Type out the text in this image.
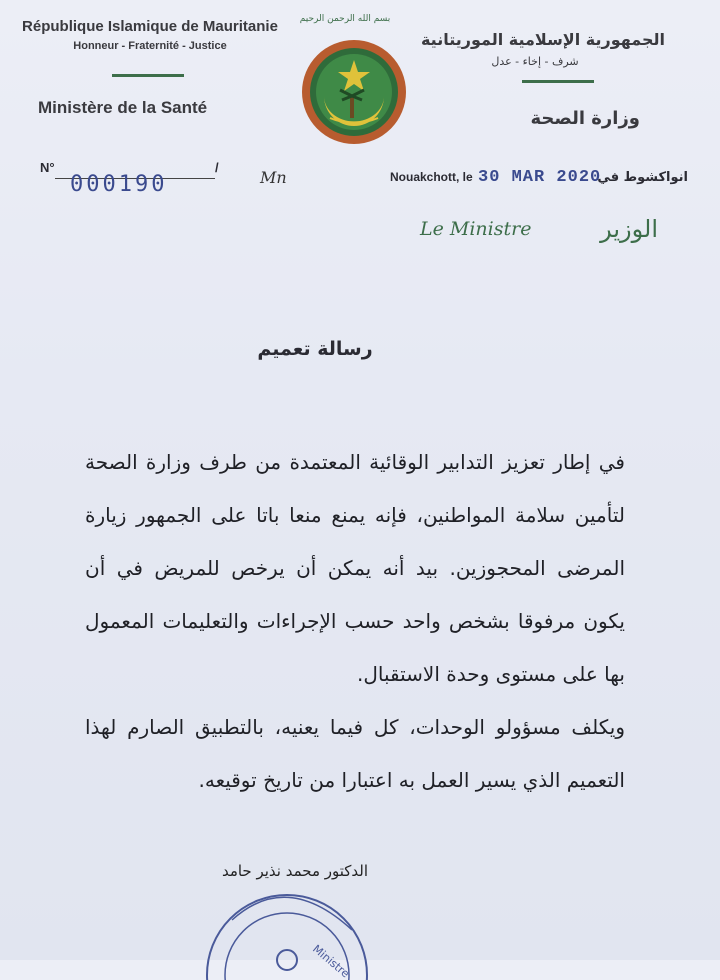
République Islamique de Mauritanie
Honneur - Fraternité - Justice
Ministère de la Santé
بسم الله الرحمن الرحيم
الجمهورية الإسلامية الموريتانية
شرف - إخاء - عدل
وزارة الصحة
N°
000190
/
Mn	Nouakchott, le 30 MAR 2020
انواكشوط في
Le Ministre	الوزير
رسالة تعميم

في إطار تعزيز التدابير الوقائية المعتمدة من طرف وزارة الصحة لتأمين سلامة المواطنين، فإنه يمنع منعا باتا على الجمهور زيارة المرضى المحجوزين. بيد أنه يمكن أن يرخص للمريض في أن يكون مرفوقا بشخص واحد حسب الإجراءات والتعليمات المعمول بها على مستوى وحدة الاستقبال.

ويكلف مسؤولو الوحدات، كل فيما يعنيه، بالتطبيق الصارم لهذا التعميم الذي يسير العمل به اعتبارا من تاريخ توقيعه.

الدكتور محمد نذير حامد
Ministre
